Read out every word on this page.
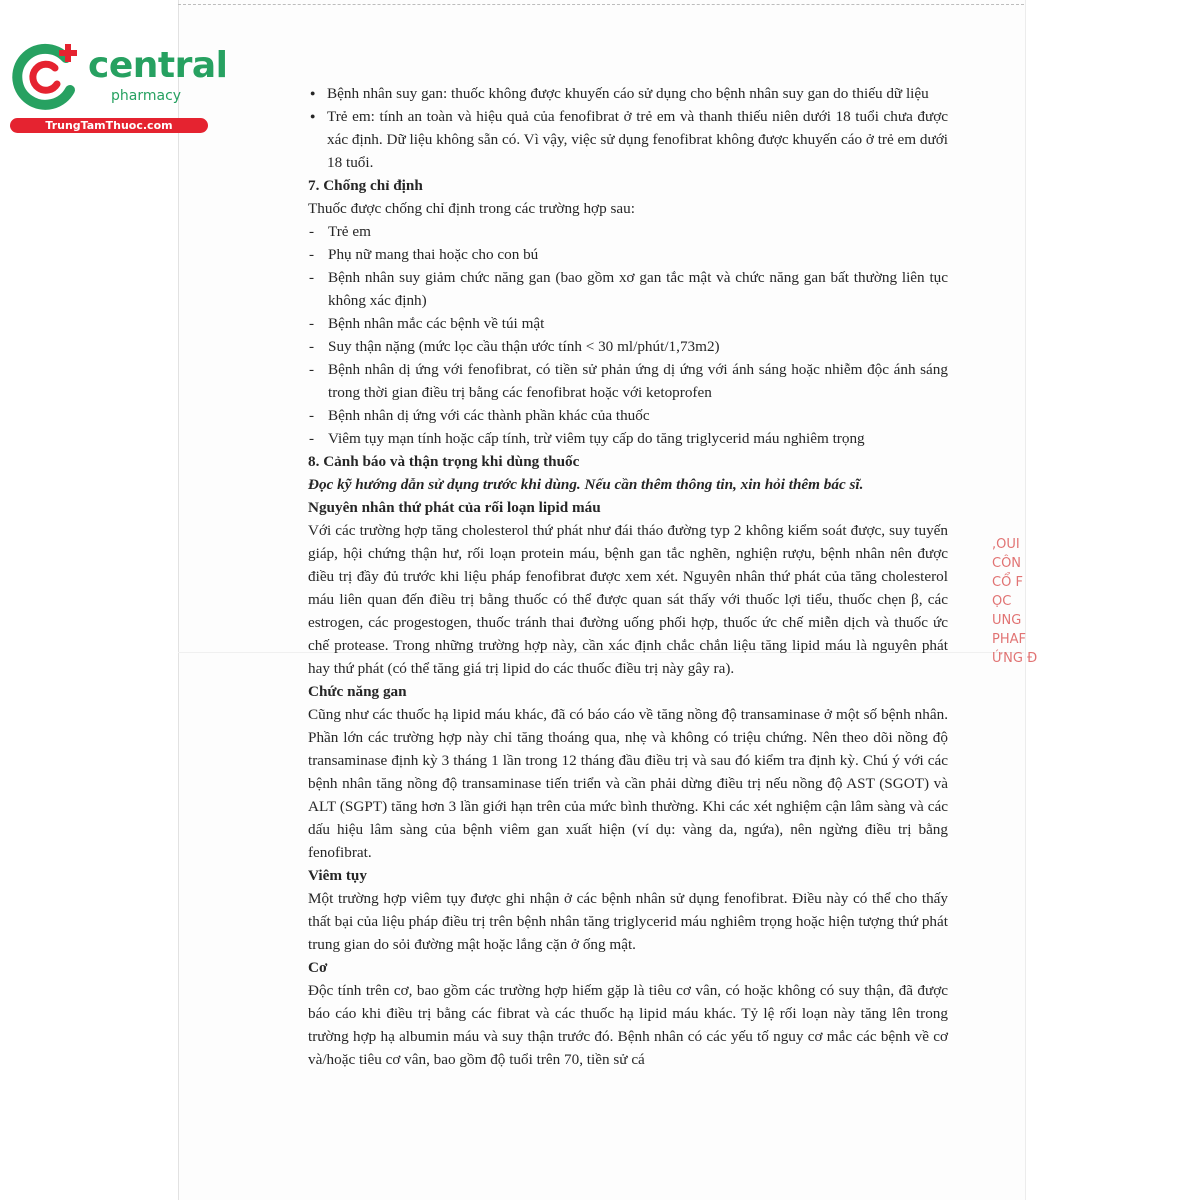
central
pharmacy
TrungTamThuoc.com

● Bệnh nhân suy gan: thuốc không được khuyến cáo sử dụng cho bệnh nhân suy gan do thiếu dữ liệu

● Trẻ em: tính an toàn và hiệu quả của fenofibrat ở trẻ em và thanh thiếu niên dưới 18 tuổi chưa được xác định. Dữ liệu không sẵn có. Vì vậy, việc sử dụng fenofibrat không được khuyến cáo ở trẻ em dưới 18 tuổi.

7. Chống chỉ định

Thuốc được chống chỉ định trong các trường hợp sau:

- Trẻ em

- Phụ nữ mang thai hoặc cho con bú

- Bệnh nhân suy giảm chức năng gan (bao gồm xơ gan tắc mật và chức năng gan bất thường liên tục không xác định)

- Bệnh nhân mắc các bệnh về túi mật

- Suy thận nặng (mức lọc cầu thận ước tính < 30 ml/phút/1,73m2)

- Bệnh nhân dị ứng với fenofibrat, có tiền sử phản ứng dị ứng với ánh sáng hoặc nhiễm độc ánh sáng trong thời gian điều trị bằng các fenofibrat hoặc với ketoprofen

- Bệnh nhân dị ứng với các thành phần khác của thuốc

- Viêm tụy mạn tính hoặc cấp tính, trừ viêm tụy cấp do tăng triglycerid máu nghiêm trọng

8. Cảnh báo và thận trọng khi dùng thuốc

Đọc kỹ hướng dẫn sử dụng trước khi dùng. Nếu cần thêm thông tin, xin hỏi thêm bác sĩ.

Nguyên nhân thứ phát của rối loạn lipid máu

Với các trường hợp tăng cholesterol thứ phát như đái tháo đường typ 2 không kiểm soát được, suy tuyến giáp, hội chứng thận hư, rối loạn protein máu, bệnh gan tắc nghẽn, nghiện rượu, bệnh nhân nên được điều trị đầy đủ trước khi liệu pháp fenofibrat được xem xét. Nguyên nhân thứ phát của tăng cholesterol máu liên quan đến điều trị bằng thuốc có thể được quan sát thấy với thuốc lợi tiểu, thuốc chẹn β, các estrogen, các progestogen, thuốc tránh thai đường uống phối hợp, thuốc ức chế miễn dịch và thuốc ức chế protease. Trong những trường hợp này, cần xác định chắc chắn liệu tăng lipid máu là nguyên phát hay thứ phát (có thể tăng giá trị lipid do các thuốc điều trị này gây ra).

Chức năng gan

Cũng như các thuốc hạ lipid máu khác, đã có báo cáo về tăng nồng độ transaminase ở một số bệnh nhân. Phần lớn các trường hợp này chỉ tăng thoáng qua, nhẹ và không có triệu chứng. Nên theo dõi nồng độ transaminase định kỳ 3 tháng 1 lần trong 12 tháng đầu điều trị và sau đó kiểm tra định kỳ. Chú ý với các bệnh nhân tăng nồng độ transaminase tiến triển và cần phải dừng điều trị nếu nồng độ AST (SGOT) và ALT (SGPT) tăng hơn 3 lần giới hạn trên của mức bình thường. Khi các xét nghiệm cận lâm sàng và các dấu hiệu lâm sàng của bệnh viêm gan xuất hiện (ví dụ: vàng da, ngứa), nên ngừng điều trị bằng fenofibrat.

Viêm tụy

Một trường hợp viêm tụy được ghi nhận ở các bệnh nhân sử dụng fenofibrat. Điều này có thể cho thấy thất bại của liệu pháp điều trị trên bệnh nhân tăng triglycerid máu nghiêm trọng hoặc hiện tượng thứ phát trung gian do sỏi đường mật hoặc lắng cặn ở ống mật.

Cơ

Độc tính trên cơ, bao gồm các trường hợp hiếm gặp là tiêu cơ vân, có hoặc không có suy thận, đã được báo cáo khi điều trị bằng các fibrat và các thuốc hạ lipid máu khác. Tỷ lệ rối loạn này tăng lên trong trường hợp hạ albumin máu và suy thận trước đó. Bệnh nhân có các yếu tố nguy cơ mắc các bệnh về cơ và/hoặc tiêu cơ vân, bao gồm độ tuổi trên 70, tiền sử cá

,OUI
CÔN
CỔ F
ỌC
UNG
PHAF
ỨNG Đ
